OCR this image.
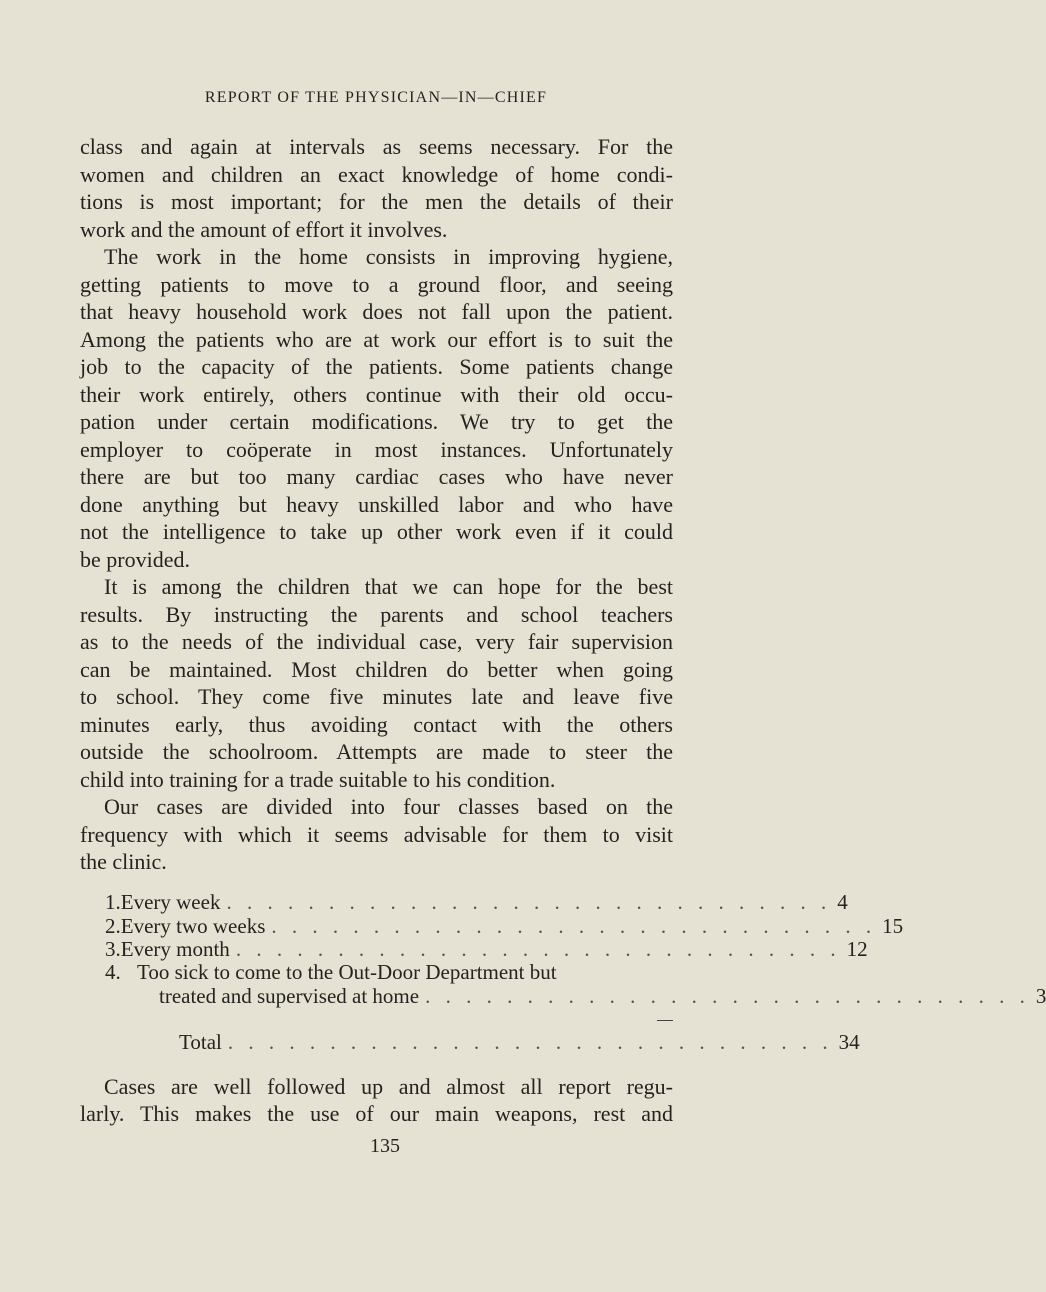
REPORT OF THE PHYSICIAN—IN—CHIEF
class and again at intervals as seems necessary. For the
women and children an exact knowledge of home condi-
tions is most important; for the men the details of their
work and the amount of effort it involves.
The work in the home consists in improving hygiene,
getting patients to move to a ground floor, and seeing
that heavy household work does not fall upon the patient.
Among the patients who are at work our effort is to suit the
job to the capacity of the patients. Some patients change
their work entirely, others continue with their old occu-
pation under certain modifications. We try to get the
employer to coöperate in most instances. Unfortunately
there are but too many cardiac cases who have never
done anything but heavy unskilled labor and who have
not the intelligence to take up other work even if it could
be provided.
It is among the children that we can hope for the best
results. By instructing the parents and school teachers
as to the needs of the individual case, very fair supervision
can be maintained. Most children do better when going
to school. They come five minutes late and leave five
minutes early, thus avoiding contact with the others
outside the schoolroom. Attempts are made to steer the
child into training for a trade suitable to his condition.
Our cases are divided into four classes based on the
frequency with which it seems advisable for them to visit
the clinic.
1. Every week . . . . . . . . . . . . . . . . . . . . . . . . . . . . . . 4
2. Every two weeks . . . . . . . . . . . . . . . . . . . . . . . . . . . . . . 15
3. Every month . . . . . . . . . . . . . . . . . . . . . . . . . . . . . . 12
4. Too sick to come to the Out-Door Department but
treated and supervised at home . . . . . . . . . . . . . . . . . . . . . . . . . . . . . . 3
Total . . . . . . . . . . . . . . . . . . . . . . . . . . . . . . 34
Cases are well followed up and almost all report regu-
larly. This makes the use of our main weapons, rest and
135
